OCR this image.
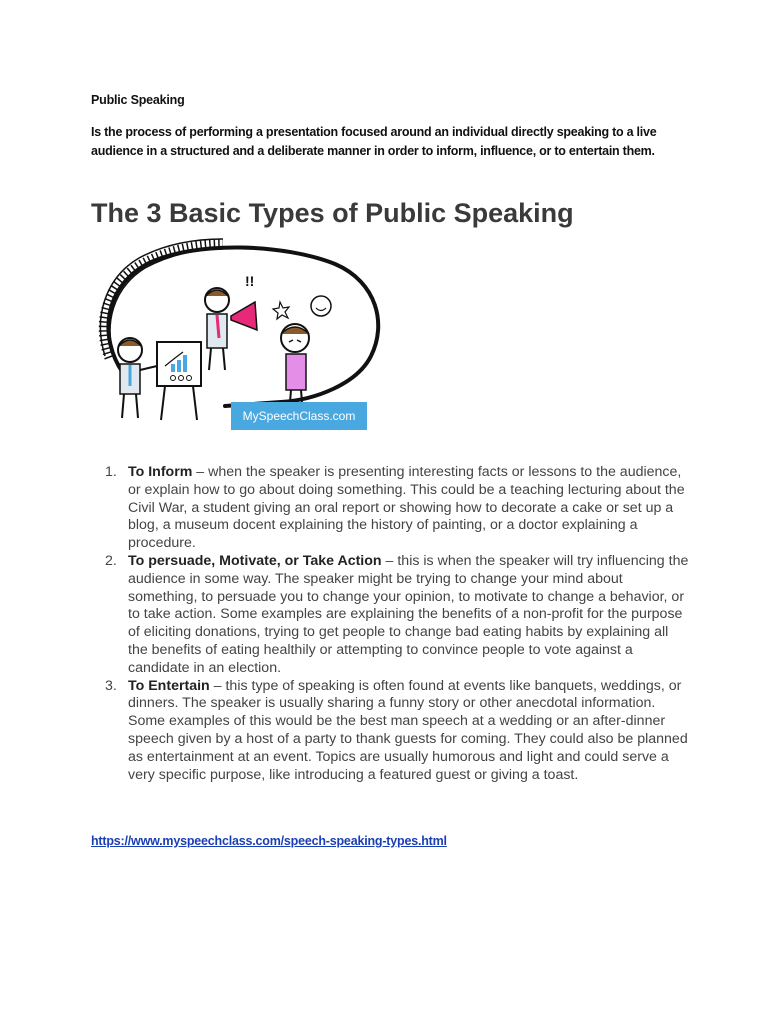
Public Speaking
Is the process of performing a presentation focused around an individual directly speaking to a live audience in a structured and a deliberate manner in order to inform, influence, or to entertain them.
The 3 Basic Types of Public Speaking
!!
MySpeechClass.com
1. To Inform – when the speaker is presenting interesting facts or lessons to the audience, or explain how to go about doing something. This could be a teaching lecturing about the Civil War, a student giving an oral report or showing how to decorate a cake or set up a blog, a museum docent explaining the history of painting, or a doctor explaining a procedure.
2. To persuade, Motivate, or Take Action – this is when the speaker will try influencing the audience in some way. The speaker might be trying to change your mind about something, to persuade you to change your opinion, to motivate to change a behavior, or to take action. Some examples are explaining the benefits of a non-profit for the purpose of eliciting donations, trying to get people to change bad eating habits by explaining all the benefits of eating healthily or attempting to convince people to vote against a candidate in an election.
3. To Entertain – this type of speaking is often found at events like banquets, weddings, or dinners. The speaker is usually sharing a funny story or other anecdotal information. Some examples of this would be the best man speech at a wedding or an after-dinner speech given by a host of a party to thank guests for coming. They could also be planned as entertainment at an event. Topics are usually humorous and light and could serve a very specific purpose, like introducing a featured guest or giving a toast.
https://www.myspeechclass.com/speech-speaking-types.html
